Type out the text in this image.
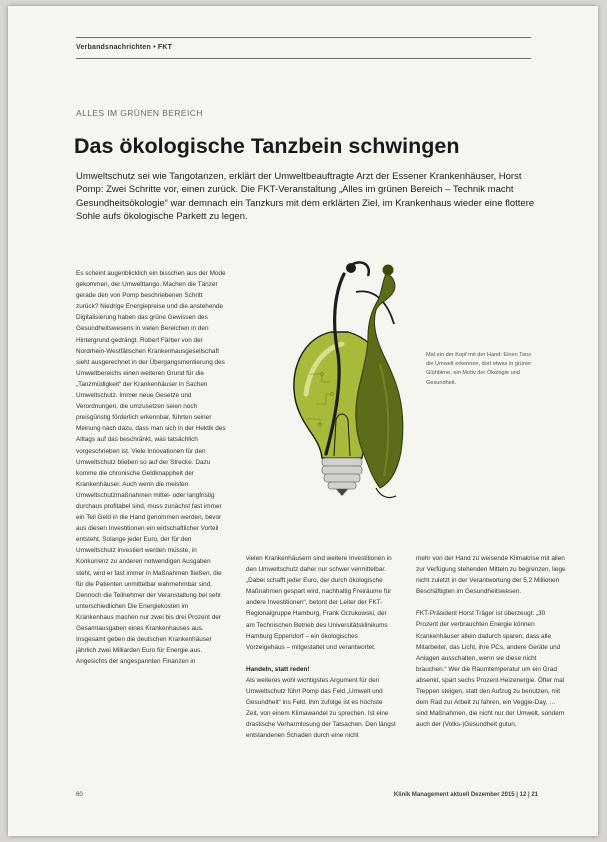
Verbandsnachrichten • FKT
ALLES IM GRÜNEN BEREICH
Das ökologische Tanzbein schwingen
Umweltschutz sei wie Tangotanzen, erklärt der Umweltbeauftragte Arzt der Essener Krankenhäuser, Horst Pomp: Zwei Schritte vor, einen zurück. Die FKT-Veranstaltung „Alles im grünen Bereich – Technik macht Gesundheitsökologie“ war demnach ein Tanzkurs mit dem erklärten Ziel, im Krankenhaus wieder eine flottere Sohle aufs ökologische Parkett zu legen.

Es scheint augenblicklich ein bisschen aus der Mode gekommen, der Umwelttango. Machen die Tänzer gerade den von Pomp beschriebenen Schritt zurück? Niedrige Energiepreise und die anstehende Digitalisierung haben das grüne Gewissen des Gesundheitswesens in vielen Bereichen in den Hintergrund gedrängt. Robert Färber von der Nordrhein-Westfälischen Krankenhausgesellschaft sieht ausgerechnet in der Übergangsmentierung des Umweltbereichs einen weiteren Grund für die „Tanzmüdigkeit“ der Krankenhäuser in Sachen Umweltschutz. Immer neue Gesetze und Verordnungen, die umzusetzen seien noch preisgünstig förderlich erkennbar, führten seiner Meinung nach dazu, dass man sich in der Hektik des Alltags auf das beschränkt, was tatsächlich vorgeschrieben ist. Viele Innovationen für den Umweltschutz blieben so auf der Strecke. Dazu komme die chronische Geldknappheit der Krankenhäuser. Auch wenn die meisten Umweltschutzmaßnahmen mittel- oder langfristig durchaus profitabel sind, muss zunächst fast immer ein Teil Geld in die Hand genommen werden, bevor aus diesen Investitionen ein wirtschaftlicher Vorteil entsteht. Solange jeder Euro, der für den Umweltschutz investiert werden müsste, in Konkurrenz zu anderen notwendigen Ausgaben steht, wird er fast immer in Maßnahmen fließen, die für die Patienten unmittelbar wahrnehmbar sind. Dennoch die Teilnehmer der Veranstaltung bei sehr unterschiedlichen Die Energiekosten im Krankenhaus machen nur zwei bis drei Prozent der Gesamtausgaben eines Krankenhauses aus. Insgesamt geben die deutschen Krankenhäuser jährlich zwei Milliarden Euro für Energie aus. Angesichts der angespannten Finanzen in

Mal ein der Kopf mit der Hand: Einen Tanz die Umwelt erkennen, dort etwas in grüner Glühbirne, ein Motiv der Ökologie und Gesundheit.

vielen Krankenhäusern sind weitere Investitionen in den Umweltschutz daher nur schwer vermittelbar. „Dabei schafft jeder Euro, der durch ökologische Maßnahmen gespart wird, nachhaltig Freiräume für andere Investitionen“, betont der Leiter der FKT-Regionalgruppe Hamburg, Frank Grzukowski, der am Technischen Betrieb des Universitätsklinikums Hamburg Eppendorf – ein ökologisches Vorzeigehaus – mitgestaltet und verantwortet.

Handeln, statt reden!

Als weiteres wohl wichtigstes Argument für den Umweltschutz führt Pomp das Feld „Umwelt und Gesundheit“ ins Feld. Ihm zufolge ist es höchste Zeit, von einem Klimawandel zu sprechen. Ist eine drastische Verharmlosung der Tatsachen. Den längst entstandenen Schaden durch eine nicht

mehr von der Hand zu weisende Klimakrise mit allen zur Verfügung stehenden Mitteln zu begrenzen, liege nicht zuletzt in der Verantwortung der 5,2 Millionen Beschäftigten im Gesundheitswesen.

FKT-Präsident Horst Träger ist überzeugt: „30 Prozent der verbrauchten Energie können Krankenhäuser allein dadurch sparen, dass alle Mitarbeiter, das Licht, ihre PCs, andere Geräte und Anlagen ausschalten, wenn sie diese nicht brauchen.“ Wer die Raumtemperatur um ein Grad absenkt, spart sechs Prozent Heizenergie. Öfter mal Treppen steigen, statt den Aufzug zu benutzen, mit dem Rad zur Arbeit zu fahren, ein Veggie-Day, … sind Maßnahmen, die nicht nur der Umwelt, sondern auch der (Volks-)Gesundheit gutun.

60	Klinik Management aktuell Dezember 2015 | 12 | 21
